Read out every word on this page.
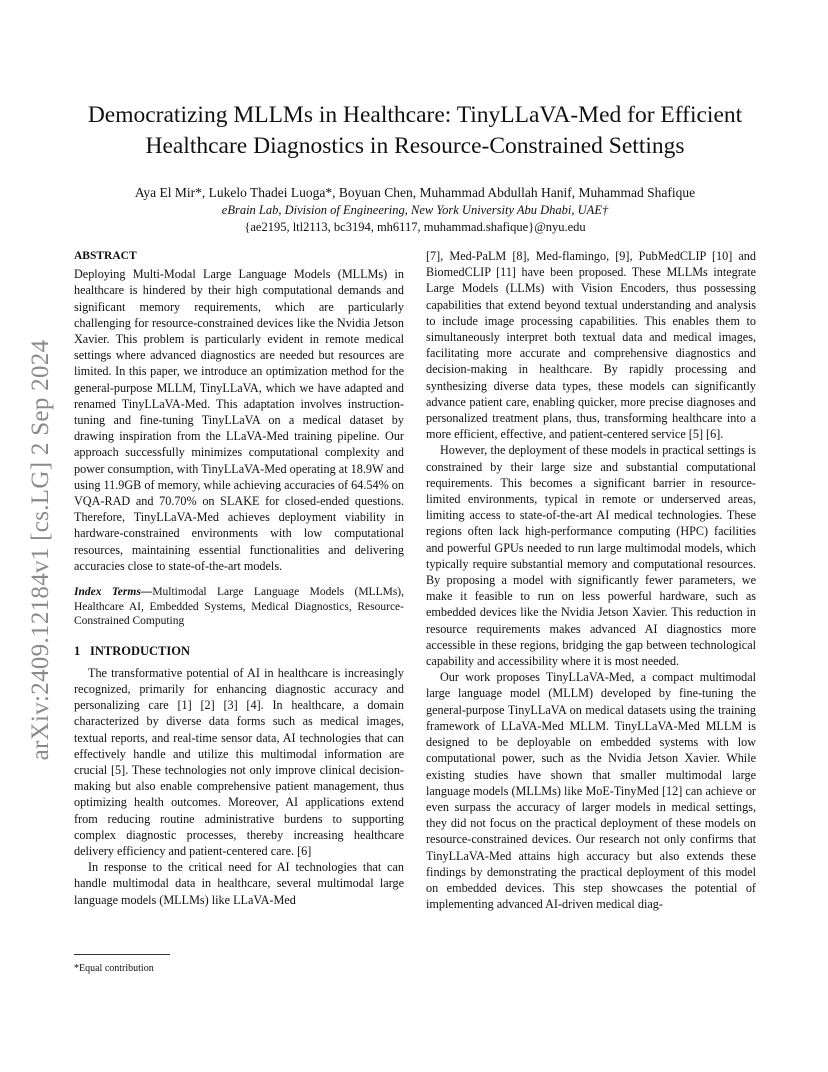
arXiv:2409.12184v1 [cs.LG] 2 Sep 2024
Democratizing MLLMs in Healthcare: TinyLLaVA-Med for Efficient Healthcare Diagnostics in Resource-Constrained Settings
Aya El Mir*, Lukelo Thadei Luoga*, Boyuan Chen, Muhammad Abdullah Hanif, Muhammad Shafique
eBrain Lab, Division of Engineering, New York University Abu Dhabi, UAE†
{ae2195, ltl2113, bc3194, mh6117, muhammad.shafique}@nyu.edu
ABSTRACT

Deploying Multi-Modal Large Language Models (MLLMs) in healthcare is hindered by their high computational demands and significant memory requirements, which are particularly challenging for resource-constrained devices like the Nvidia Jetson Xavier. This problem is particularly evident in remote medical settings where advanced diagnostics are needed but resources are limited. In this paper, we introduce an optimization method for the general-purpose MLLM, TinyLLaVA, which we have adapted and renamed TinyLLaVA-Med. This adaptation involves instruction-tuning and fine-tuning TinyLLaVA on a medical dataset by drawing inspiration from the LLaVA-Med training pipeline. Our approach successfully minimizes computational complexity and power consumption, with TinyLLaVA-Med operating at 18.9W and using 11.9GB of memory, while achieving accuracies of 64.54% on VQA-RAD and 70.70% on SLAKE for closed-ended questions. Therefore, TinyLLaVA-Med achieves deployment viability in hardware-constrained environments with low computational resources, maintaining essential functionalities and delivering accuracies close to state-of-the-art models.

Index Terms—Multimodal Large Language Models (MLLMs), Healthcare AI, Embedded Systems, Medical Diagnostics, Resource-Constrained Computing
1 INTRODUCTION

The transformative potential of AI in healthcare is increasingly recognized, primarily for enhancing diagnostic accuracy and personalizing care [1] [2] [3] [4]. In healthcare, a domain characterized by diverse data forms such as medical images, textual reports, and real-time sensor data, AI technologies that can effectively handle and utilize this multimodal information are crucial [5]. These technologies not only improve clinical decision-making but also enable comprehensive patient management, thus optimizing health outcomes. Moreover, AI applications extend from reducing routine administrative burdens to supporting complex diagnostic processes, thereby increasing healthcare delivery efficiency and patient-centered care. [6]

In response to the critical need for AI technologies that can handle multimodal data in healthcare, several multimodal large language models (MLLMs) like LLaVA-Med

*Equal contribution

[7], Med-PaLM [8], Med-flamingo, [9], PubMedCLIP [10] and BiomedCLIP [11] have been proposed. These MLLMs integrate Large Models (LLMs) with Vision Encoders, thus possessing capabilities that extend beyond textual understanding and analysis to include image processing capabilities. This enables them to simultaneously interpret both textual data and medical images, facilitating more accurate and comprehensive diagnostics and decision-making in healthcare. By rapidly processing and synthesizing diverse data types, these models can significantly advance patient care, enabling quicker, more precise diagnoses and personalized treatment plans, thus, transforming healthcare into a more efficient, effective, and patient-centered service [5] [6].

However, the deployment of these models in practical settings is constrained by their large size and substantial computational requirements. This becomes a significant barrier in resource-limited environments, typical in remote or underserved areas, limiting access to state-of-the-art AI medical technologies. These regions often lack high-performance computing (HPC) facilities and powerful GPUs needed to run large multimodal models, which typically require substantial memory and computational resources. By proposing a model with significantly fewer parameters, we make it feasible to run on less powerful hardware, such as embedded devices like the Nvidia Jetson Xavier. This reduction in resource requirements makes advanced AI diagnostics more accessible in these regions, bridging the gap between technological capability and accessibility where it is most needed.

Our work proposes TinyLLaVA-Med, a compact multimodal large language model (MLLM) developed by fine-tuning the general-purpose TinyLLaVA on medical datasets using the training framework of LLaVA-Med MLLM. TinyLLaVA-Med MLLM is designed to be deployable on embedded systems with low computational power, such as the Nvidia Jetson Xavier. While existing studies have shown that smaller multimodal large language models (MLLMs) like MoE-TinyMed [12] can achieve or even surpass the accuracy of larger models in medical settings, they did not focus on the practical deployment of these models on resource-constrained devices. Our research not only confirms that TinyLLaVA-Med attains high accuracy but also extends these findings by demonstrating the practical deployment of this model on embedded devices. This step showcases the potential of implementing advanced AI-driven medical diag-
